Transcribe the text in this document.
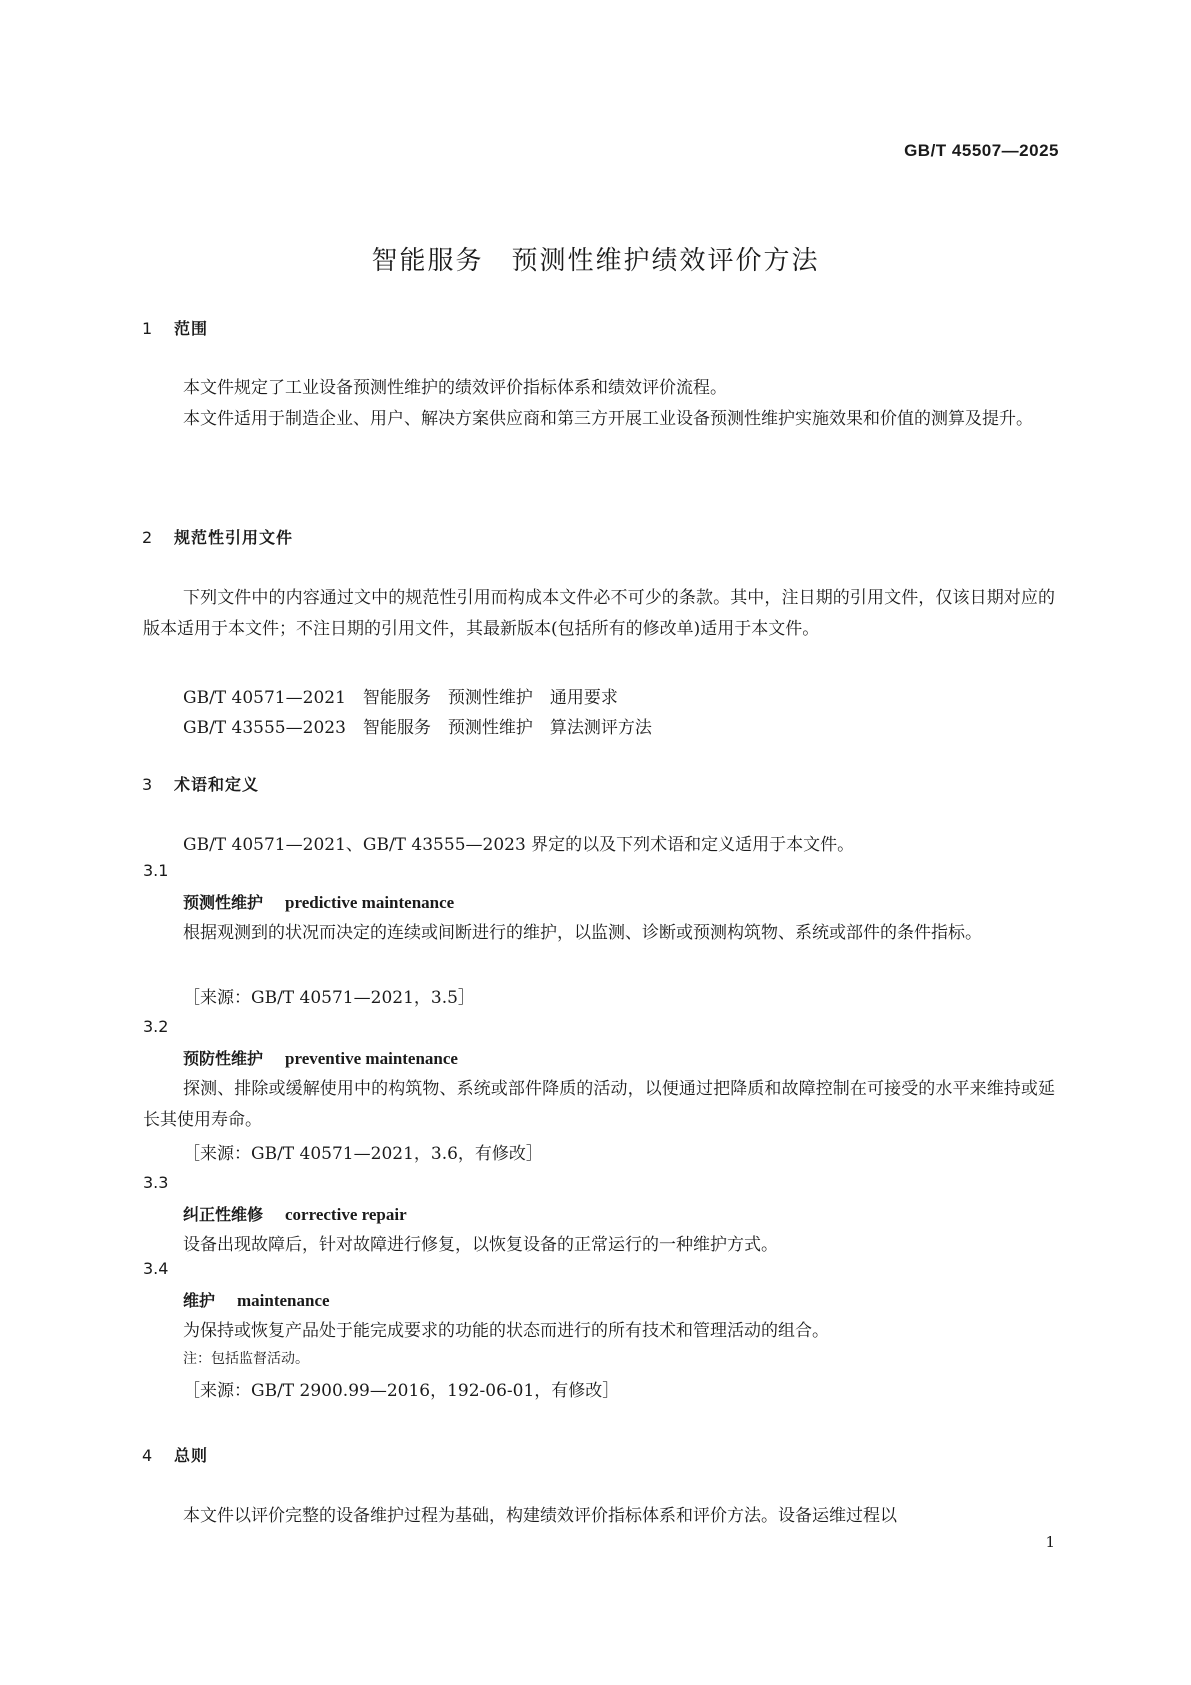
GB/T 45507—2025
智能服务　预测性维护绩效评价方法
1 范围
本文件规定了工业设备预测性维护的绩效评价指标体系和绩效评价流程。
本文件适用于制造企业、用户、解决方案供应商和第三方开展工业设备预测性维护实施效果和价值的测算及提升。
2 规范性引用文件
下列文件中的内容通过文中的规范性引用而构成本文件必不可少的条款。其中，注日期的引用文件，仅该日期对应的版本适用于本文件；不注日期的引用文件，其最新版本(包括所有的修改单)适用于本文件。
GB/T 40571—2021　智能服务　预测性维护　通用要求
GB/T 43555—2023　智能服务　预测性维护　算法测评方法
3 术语和定义
GB/T 40571—2021、GB/T 43555—2023 界定的以及下列术语和定义适用于本文件。
3.1
预测性维护 predictive maintenance
根据观测到的状况而决定的连续或间断进行的维护，以监测、诊断或预测构筑物、系统或部件的条件指标。
［来源：GB/T 40571—2021，3.5］
3.2
预防性维护 preventive maintenance
探测、排除或缓解使用中的构筑物、系统或部件降质的活动，以便通过把降质和故障控制在可接受的水平来维持或延长其使用寿命。
［来源：GB/T 40571—2021，3.6，有修改］
3.3
纠正性维修 corrective repair
设备出现故障后，针对故障进行修复，以恢复设备的正常运行的一种维护方式。
3.4
维护 maintenance
为保持或恢复产品处于能完成要求的功能的状态而进行的所有技术和管理活动的组合。
注：包括监督活动。
［来源：GB/T 2900.99—2016，192-06-01，有修改］
4 总则
本文件以评价完整的设备维护过程为基础，构建绩效评价指标体系和评价方法。设备运维过程以
1
